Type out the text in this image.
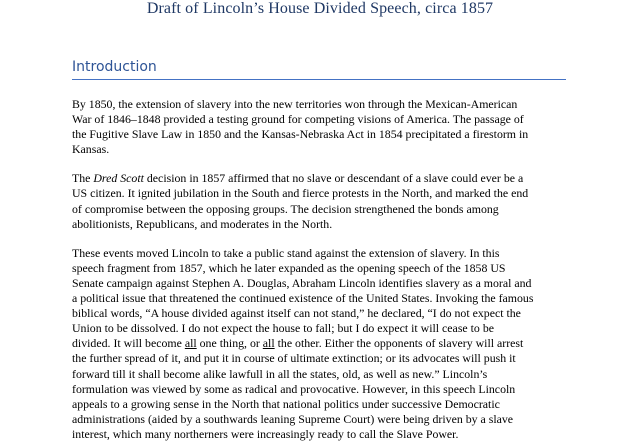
Draft of Lincoln’s House Divided Speech, circa 1857
Introduction

By 1850, the extension of slavery into the new territories won through the Mexican-American
War of 1846–1848 provided a testing ground for competing visions of America. The passage of
the Fugitive Slave Law in 1850 and the Kansas-Nebraska Act in 1854 precipitated a firestorm in
Kansas.

The Dred Scott decision in 1857 affirmed that no slave or descendant of a slave could ever be a
US citizen. It ignited jubilation in the South and fierce protests in the North, and marked the end
of compromise between the opposing groups. The decision strengthened the bonds among
abolitionists, Republicans, and moderates in the North.

These events moved Lincoln to take a public stand against the extension of slavery. In this
speech fragment from 1857, which he later expanded as the opening speech of the 1858 US
Senate campaign against Stephen A. Douglas, Abraham Lincoln identifies slavery as a moral and
a political issue that threatened the continued existence of the United States. Invoking the famous
biblical words, “A house divided against itself can not stand,” he declared, “I do not expect the
Union to be dissolved. I do not expect the house to fall; but I do expect it will cease to be
divided. It will become all one thing, or all the other. Either the opponents of slavery will arrest
the further spread of it, and put it in course of ultimate extinction; or its advocates will push it
forward till it shall become alike lawfull in all the states, old, as well as new.” Lincoln’s
formulation was viewed by some as radical and provocative. However, in this speech Lincoln
appeals to a growing sense in the North that national politics under successive Democratic
administrations (aided by a southwards leaning Supreme Court) were being driven by a slave
interest, which many northerners were increasingly ready to call the Slave Power.
